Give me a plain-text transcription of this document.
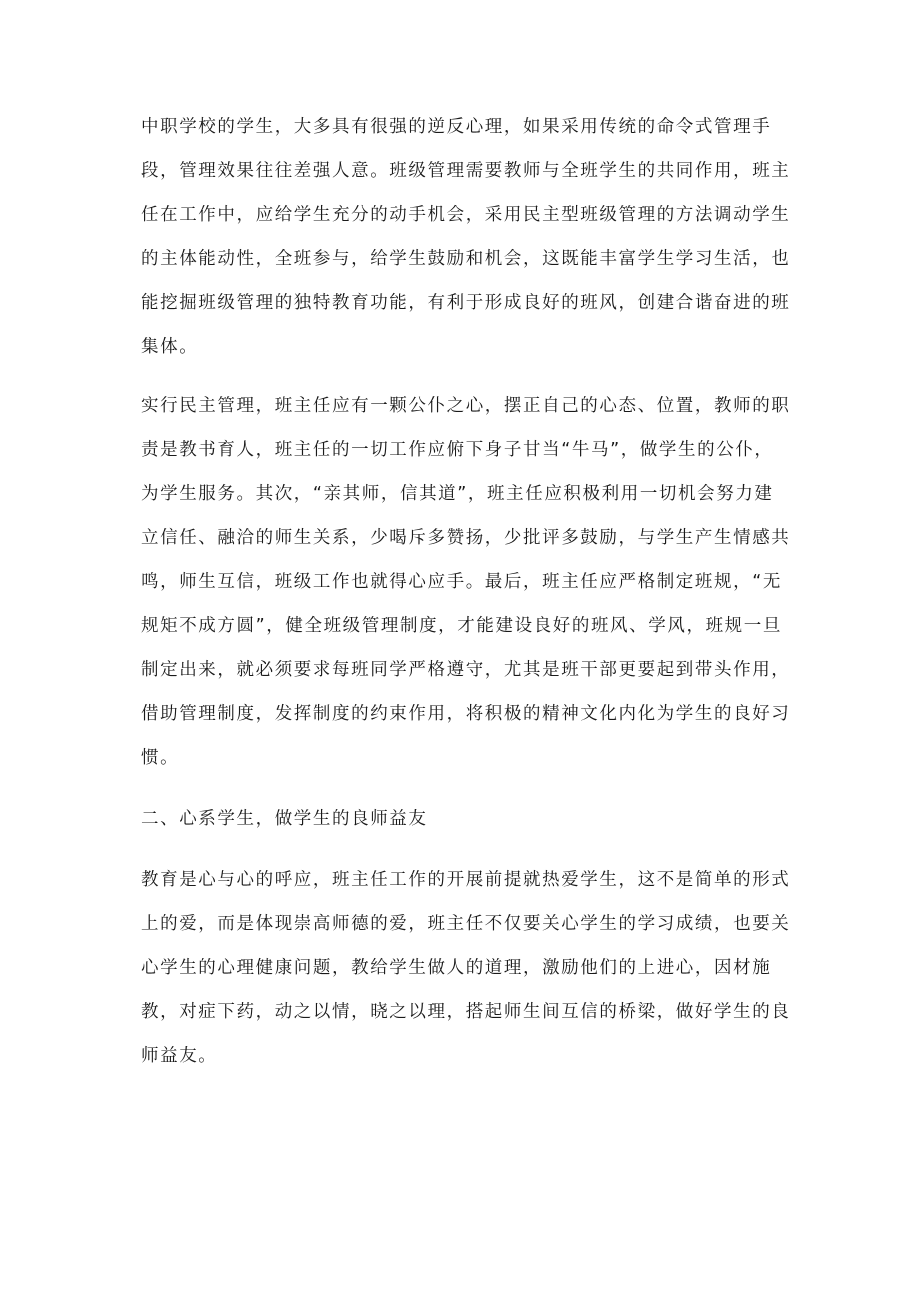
中职学校的学生，大多具有很强的逆反心理，如果采用传统的命令式管理手

段，管理效果往往差强人意。班级管理需要教师与全班学生的共同作用，班主

任在工作中，应给学生充分的动手机会，采用民主型班级管理的方法调动学生

的主体能动性，全班参与，给学生鼓励和机会，这既能丰富学生学习生活，也

能挖掘班级管理的独特教育功能，有利于形成良好的班风，创建合谐奋进的班

集体。

实行民主管理，班主任应有一颗公仆之心，摆正自己的心态、位置，教师的职

责是教书育人，班主任的一切工作应俯下身子甘当“牛马”，做学生的公仆，

为学生服务。其次，“亲其师，信其道”，班主任应积极利用一切机会努力建

立信任、融洽的师生关系，少喝斥多赞扬，少批评多鼓励，与学生产生情感共

鸣，师生互信，班级工作也就得心应手。最后，班主任应严格制定班规，“无

规矩不成方圆”，健全班级管理制度，才能建设良好的班风、学风，班规一旦

制定出来，就必须要求每班同学严格遵守，尤其是班干部更要起到带头作用，

借助管理制度，发挥制度的约束作用，将积极的精神文化内化为学生的良好习

惯。

二、心系学生，做学生的良师益友

教育是心与心的呼应，班主任工作的开展前提就热爱学生，这不是简单的形式

上的爱，而是体现崇高师德的爱，班主任不仅要关心学生的学习成绩，也要关

心学生的心理健康问题，教给学生做人的道理，激励他们的上进心，因材施

教，对症下药，动之以情，晓之以理，搭起师生间互信的桥梁，做好学生的良

师益友。
